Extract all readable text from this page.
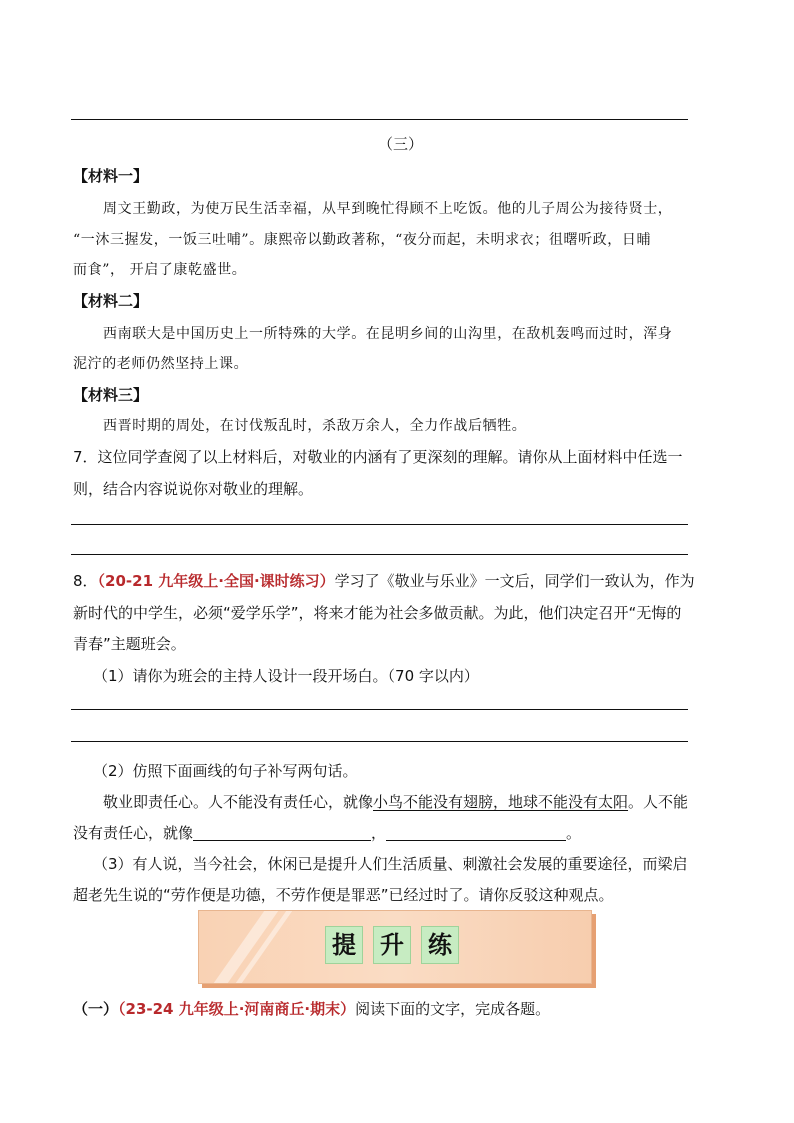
（三）
【材料一】
周文王勤政，为使万民生活幸福，从早到晚忙得顾不上吃饭。他的儿子周公为接待贤士，
“一沐三握发，一饭三吐哺”。康熙帝以勤政著称，“夜分而起，未明求衣；徂曙听政，日晡
而食”， 开启了康乾盛世。
【材料二】
西南联大是中国历史上一所特殊的大学。在昆明乡间的山沟里，在敌机轰鸣而过时，浑身
泥泞的老师仍然坚持上课。
【材料三】
西晋时期的周处，在讨伐叛乱时，杀敌万余人，全力作战后牺牲。
7．这位同学查阅了以上材料后，对敬业的内涵有了更深刻的理解。请你从上面材料中任选一
则，结合内容说说你对敬业的理解。
8．（20-21 九年级上·全国·课时练习）学习了《敬业与乐业》一文后，同学们一致认为，作为
新时代的中学生，必须“爱学乐学”，将来才能为社会多做贡献。为此，他们决定召开“无悔的
青春”主题班会。
（1）请你为班会的主持人设计一段开场白。（70 字以内）
（2）仿照下面画线的句子补写两句话。
敬业即责任心。人不能没有责任心，就像小鸟不能没有翅膀，地球不能没有太阳。人不能
没有责任心，就像	，	。
（3）有人说，当今社会，休闲已是提升人们生活质量、刺激社会发展的重要途径，而梁启
超老先生说的“劳作便是功德，不劳作便是罪恶”已经过时了。请你反驳这种观点。
提 升 练
（一）（23-24 九年级上·河南商丘·期末）阅读下面的文字，完成各题。
